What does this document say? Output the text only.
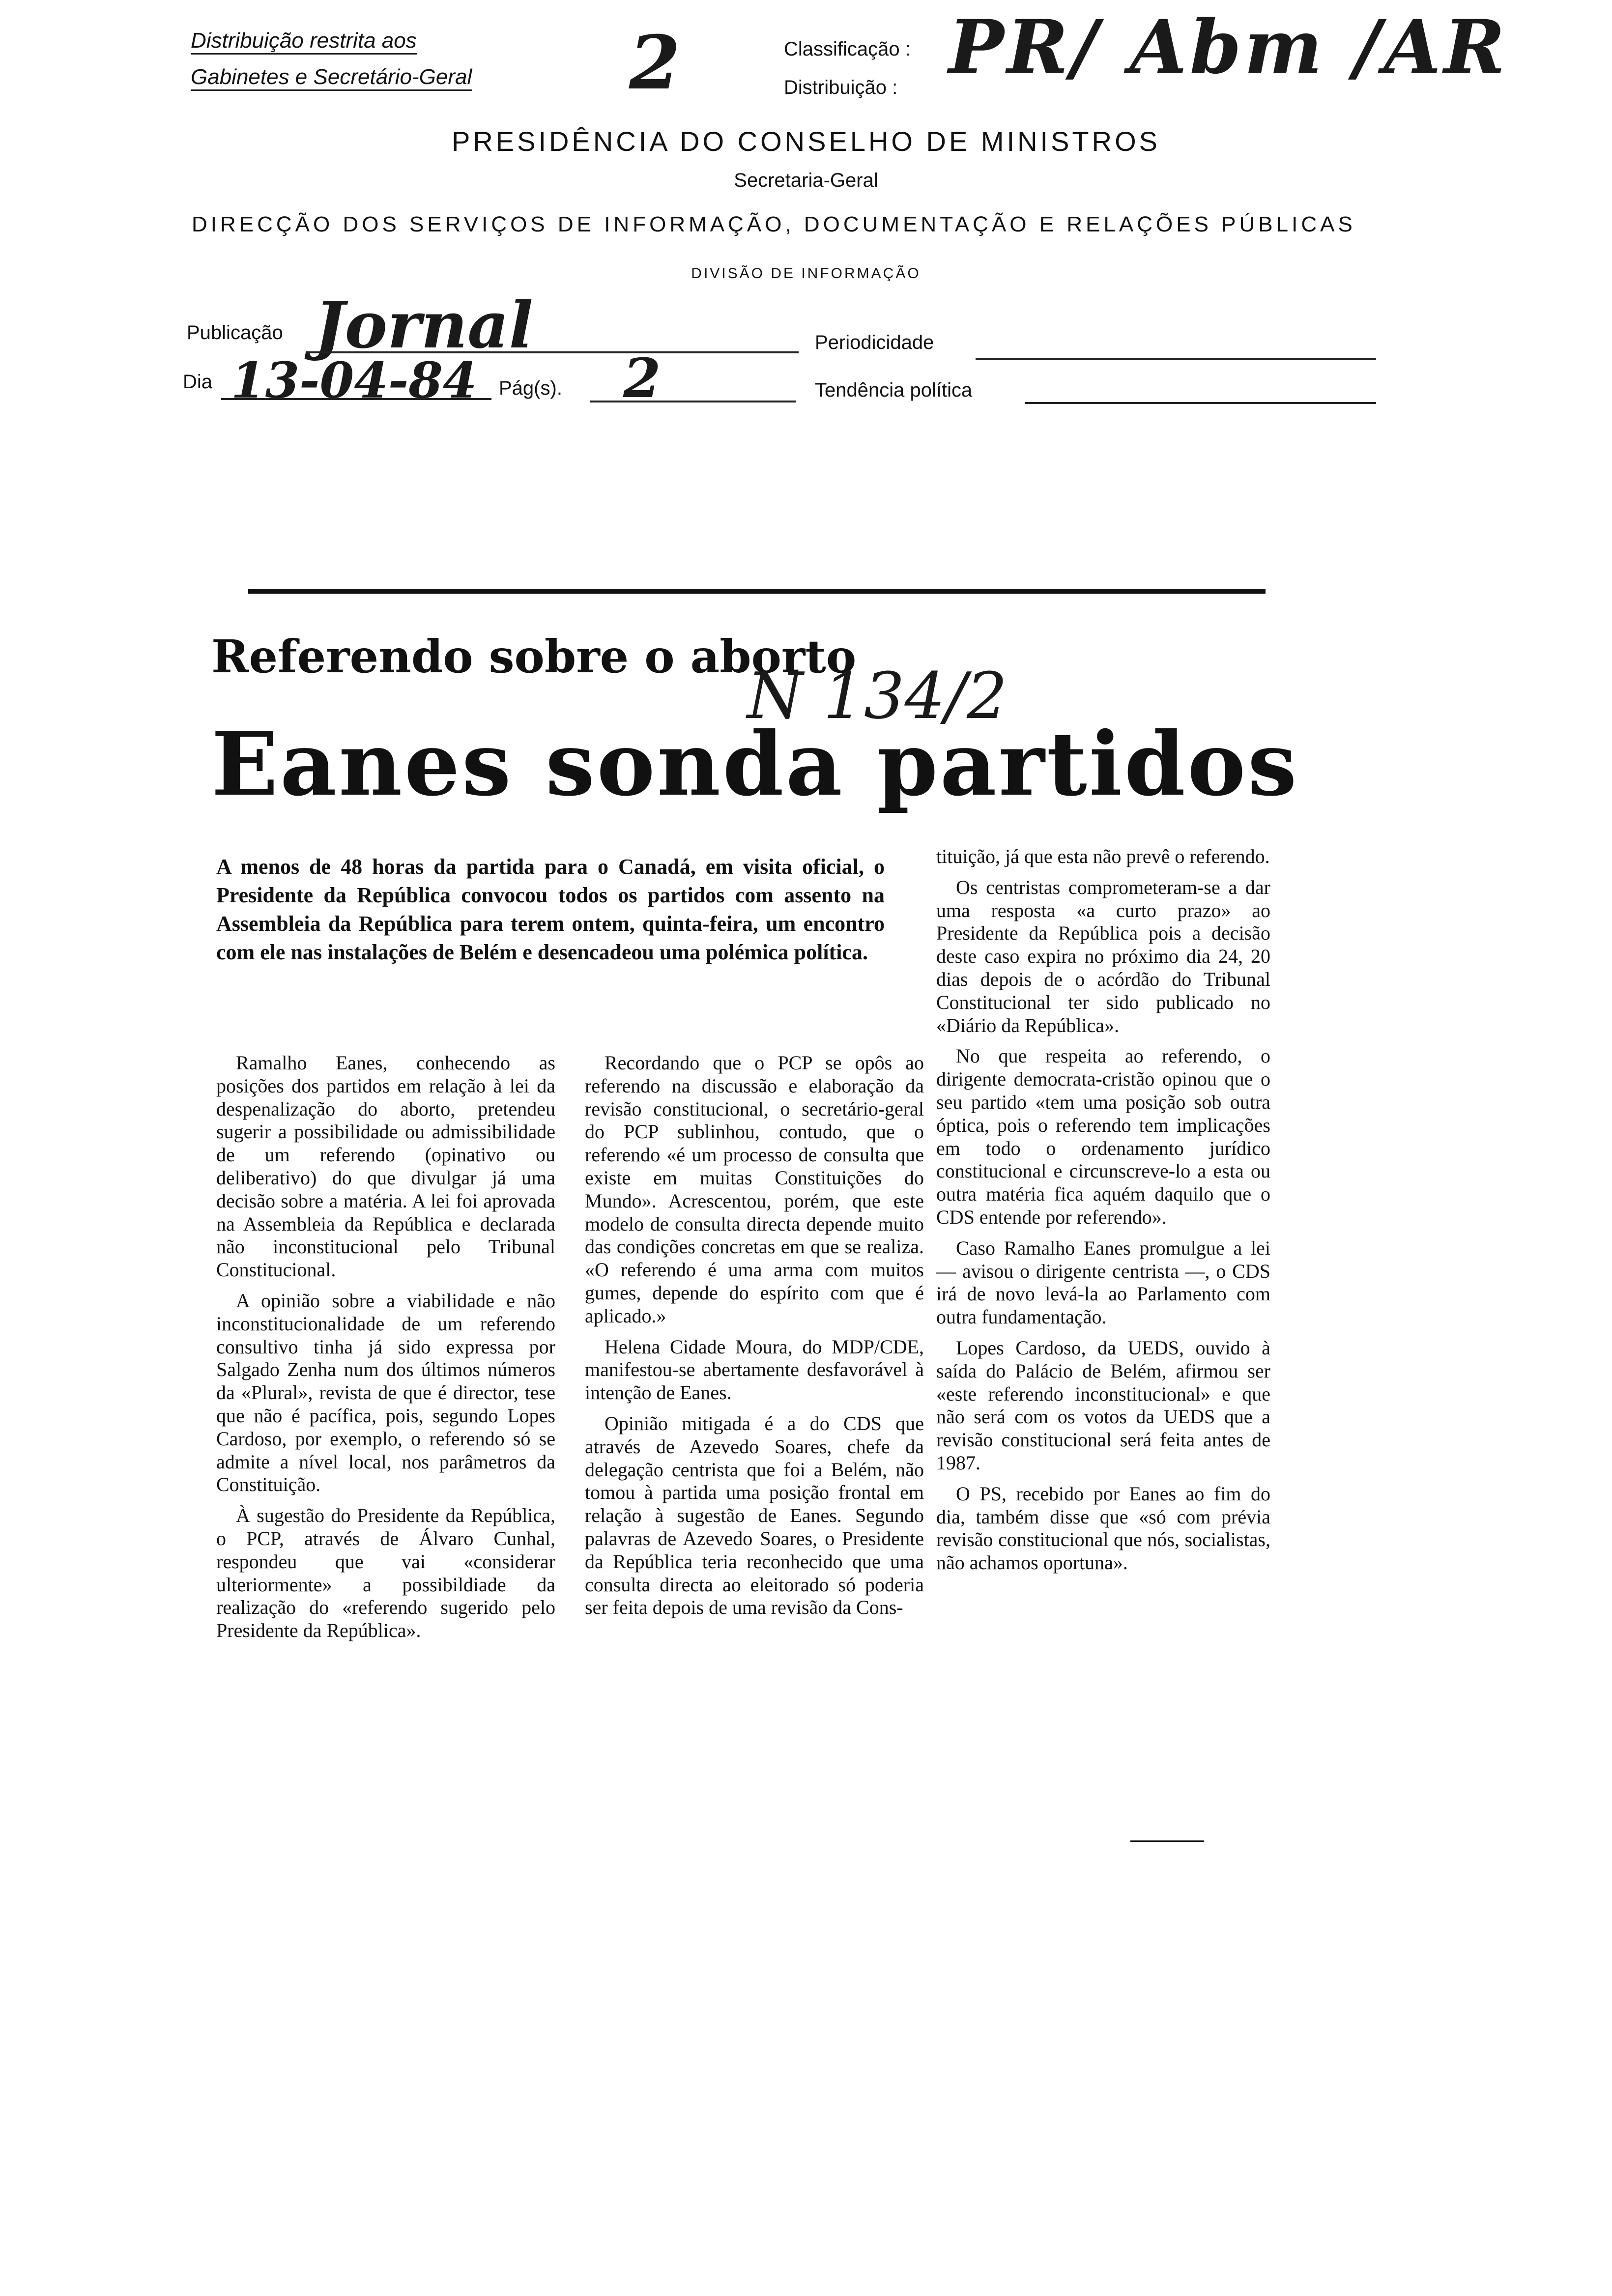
Distribuição restrita aos
Gabinetes e Secretário-Geral 2	Classificação :
Distribuição : PR/ Abm /AR
PRESIDÊNCIA DO CONSELHO DE MINISTROS
Secretaria-Geral
DIRECÇÃO DOS SERVIÇOS DE INFORMAÇÃO, DOCUMENTAÇÃO E RELAÇÕES PÚBLICAS
DIVISÃO DE INFORMAÇÃO
Publicação Jornal	Periodicidade
Dia 13-04-84 Pág(s). 2	Tendência política
Referendo sobre o aborto
N 134/2
Eanes sonda partidos
A menos de 48 horas da partida para o Canadá, em visita oficial, o Presidente da República convocou todos os partidos com assento na Assembleia da República para terem ontem, quinta-feira, um encontro com ele nas instalações de Belém e desencadeou uma polémica política.

Ramalho Eanes, conhecendo as posições dos partidos em relação à lei da despenalização do aborto, pretendeu sugerir a possibilidade ou admissibilidade de um referendo (opinativo ou deliberativo) do que divulgar já uma decisão sobre a matéria. A lei foi aprovada na Assembleia da República e declarada não inconstitucional pelo Tribunal Constitucional.

A opinião sobre a viabilidade e não inconstitucionalidade de um referendo consultivo tinha já sido expressa por Salgado Zenha num dos últimos números da «Plural», revista de que é director, tese que não é pacífica, pois, segundo Lopes Cardoso, por exemplo, o referendo só se admite a nível local, nos parâmetros da Constituição.

À sugestão do Presidente da República, o PCP, através de Álvaro Cunhal, respondeu que vai «considerar ulteriormente» a possibildiade da realização do «referendo sugerido pelo Presidente da República».

Recordando que o PCP se opôs ao referendo na discussão e elaboração da revisão constitucional, o secretário-geral do PCP sublinhou, contudo, que o referendo «é um processo de consulta que existe em muitas Constituições do Mundo». Acrescentou, porém, que este modelo de consulta directa depende muito das condições concretas em que se realiza. «O referendo é uma arma com muitos gumes, depende do espírito com que é aplicado.»

Helena Cidade Moura, do MDP/CDE, manifestou-se abertamente desfavorável à intenção de Eanes.

Opinião mitigada é a do CDS que através de Azevedo Soares, chefe da delegação centrista que foi a Belém, não tomou à partida uma posição frontal em relação à sugestão de Eanes. Segundo palavras de Azevedo Soares, o Presidente da República teria reconhecido que uma consulta directa ao eleitorado só poderia ser feita depois de uma revisão da Cons-

tituição, já que esta não prevê o referendo.

Os centristas comprometeram-se a dar uma resposta «a curto prazo» ao Presidente da República pois a decisão deste caso expira no próximo dia 24, 20 dias depois de o acórdão do Tribunal Constitucional ter sido publicado no «Diário da República».

No que respeita ao referendo, o dirigente democrata-cristão opinou que o seu partido «tem uma posição sob outra óptica, pois o referendo tem implicações em todo o ordenamento jurídico constitucional e circunscreve-lo a esta ou outra matéria fica aquém daquilo que o CDS entende por referendo».

Caso Ramalho Eanes promulgue a lei — avisou o dirigente centrista —, o CDS irá de novo levá-la ao Parlamento com outra fundamentação.

Lopes Cardoso, da UEDS, ouvido à saída do Palácio de Belém, afirmou ser «este referendo inconstitucional» e que não será com os votos da UEDS que a revisão constitucional será feita antes de 1987.

O PS, recebido por Eanes ao fim do dia, também disse que «só com prévia revisão constitucional que nós, socialistas, não achamos oportuna».
